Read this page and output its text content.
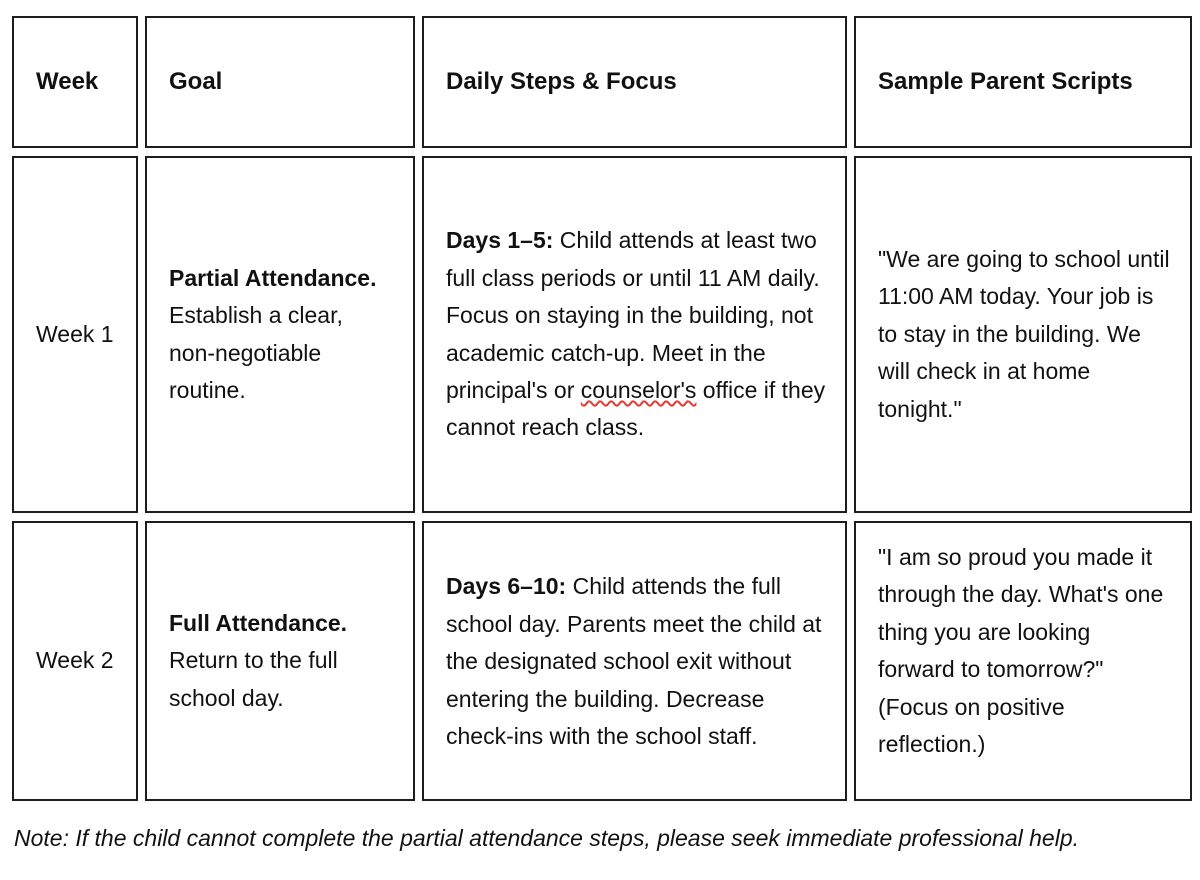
Week	Goal	Daily Steps & Focus	Sample Parent Scripts
Week 1	Partial Attendance. Establish a clear, non-negotiable routine.	Days 1–5: Child attends at least two full class periods or until 11 AM daily. Focus on staying in the building, not academic catch-up. Meet in the principal's or counselor's office if they cannot reach class.	"We are going to school until 11:00 AM today. Your job is to stay in the building. We will check in at home tonight."
Week 2	Full Attendance. Return to the full school day.	Days 6–10: Child attends the full school day. Parents meet the child at the designated school exit without entering the building. Decrease check-ins with the school staff.	"I am so proud you made it through the day. What's one thing you are looking forward to tomorrow?" (Focus on positive reflection.)

Note: If the child cannot complete the partial attendance steps, please seek immediate professional help.
